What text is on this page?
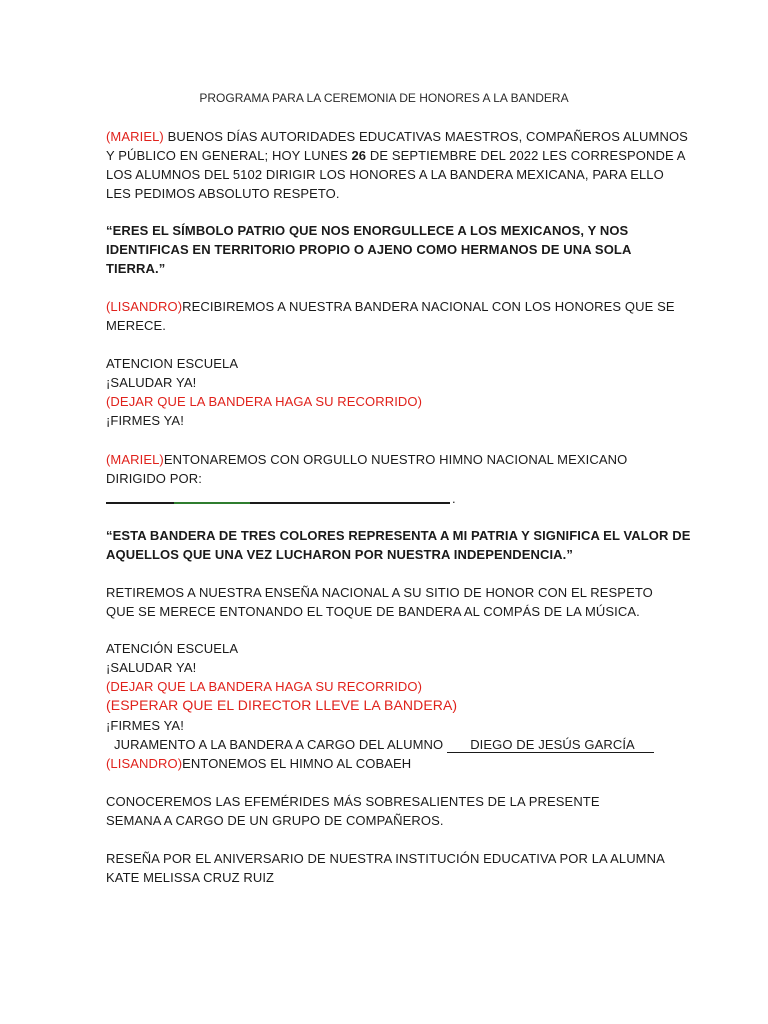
PROGRAMA PARA LA CEREMONIA DE HONORES A LA BANDERA
(MARIEL) BUENOS DÍAS AUTORIDADES EDUCATIVAS MAESTROS, COMPAÑEROS ALUMNOS
Y PÚBLICO EN GENERAL; HOY LUNES 26 DE SEPTIEMBRE DEL 2022 LES CORRESPONDE A
LOS ALUMNOS DEL 5102 DIRIGIR LOS HONORES A LA BANDERA MEXICANA, PARA ELLO
LES PEDIMOS ABSOLUTO RESPETO.
“ERES EL SÍMBOLO PATRIO QUE NOS ENORGULLECE A LOS MEXICANOS, Y NOS
IDENTIFICAS EN TERRITORIO PROPIO O AJENO COMO HERMANOS DE UNA SOLA
TIERRA.”
(LISANDRO)RECIBIREMOS A NUESTRA BANDERA NACIONAL CON LOS HONORES QUE SE
MERECE.
ATENCION ESCUELA
¡SALUDAR YA!
(DEJAR QUE LA BANDERA HAGA SU RECORRIDO)
¡FIRMES YA!
(MARIEL)ENTONAREMOS CON ORGULLO NUESTRO HIMNO NACIONAL MEXICANO
DIRIGIDO POR:
.
“ESTA BANDERA DE TRES COLORES REPRESENTA A MI PATRIA Y SIGNIFICA EL VALOR DE
AQUELLOS QUE UNA VEZ LUCHARON POR NUESTRA INDEPENDENCIA.”
RETIREMOS A NUESTRA ENSEÑA NACIONAL A SU SITIO DE HONOR CON EL RESPETO
QUE SE MERECE ENTONANDO EL TOQUE DE BANDERA AL COMPÁS DE LA MÚSICA.
ATENCIÓN ESCUELA
¡SALUDAR YA!
(DEJAR QUE LA BANDERA HAGA SU RECORRIDO)
(ESPERAR QUE EL DIRECTOR LLEVE LA BANDERA)
¡FIRMES YA!
JURAMENTO A LA BANDERA A CARGO DEL ALUMNO       DIEGO DE JESÚS GARCÍA
(LISANDRO)ENTONEMOS EL HIMNO AL COBAEH
CONOCEREMOS LAS EFEMÉRIDES MÁS SOBRESALIENTES DE LA PRESENTE
SEMANA A CARGO DE UN GRUPO DE COMPAÑEROS.
RESEÑA POR EL ANIVERSARIO DE NUESTRA INSTITUCIÓN EDUCATIVA POR LA ALUMNA
KATE MELISSA CRUZ RUIZ
